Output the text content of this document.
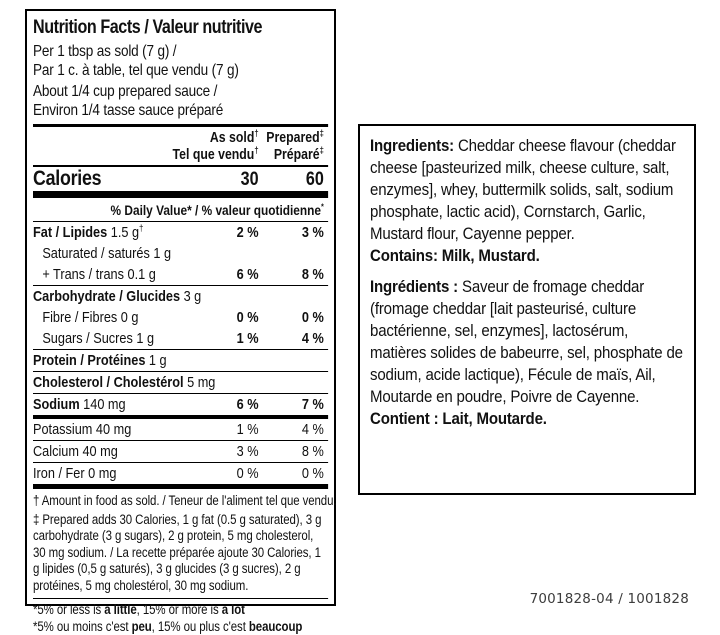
Nutrition Facts / Valeur nutritive
Per 1 tbsp as sold (7 g) /
Par 1 c. à table, tel que vendu (7 g)
About 1/4 cup prepared sauce /
Environ 1/4 tasse sauce préparé
As sold† Prepared‡
Tel que vendu†	Préparé‡
Calories	30	60
% Daily Value* / % valeur quotidienne*
Fat / Lipides 1.5 g†	2 %	3 %
Saturated / saturés 1 g
+ Trans / trans 0.1 g	6 %	8 %
Carbohydrate / Glucides 3 g
Fibre / Fibres 0 g	0 %	0 %
Sugars / Sucres 1 g	1 %	4 %
Protein / Protéines 1 g
Cholesterol / Cholestérol 5 mg
Sodium 140 mg	6 %	7 %
Potassium 40 mg	1 %	4 %
Calcium 40 mg	3 %	8 %
Iron / Fer 0 mg	0 %	0 %
† Amount in food as sold. / Teneur de l'aliment tel que vendu.
‡ Prepared adds 30 Calories, 1 g fat (0.5 g saturated), 3 g carbohydrate (3 g sugars), 2 g protein, 5 mg cholesterol, 30 mg sodium. / La recette préparée ajoute 30 Calories, 1 g lipides (0,5 g saturés), 3 g glucides (3 g sucres), 2 g protéines, 5 mg cholestérol, 30 mg sodium.
*5% or less is a little, 15% or more is a lot
*5% ou moins c'est peu, 15% ou plus c'est beaucoup
Ingredients: Cheddar cheese flavour (cheddar cheese [pasteurized milk, cheese culture, salt, enzymes], whey, buttermilk solids, salt, sodium phosphate, lactic acid), Cornstarch, Garlic, Mustard flour, Cayenne pepper.
Contains: Milk, Mustard.
Ingrédients : Saveur de fromage cheddar (fromage cheddar [lait pasteurisé, culture bactérienne, sel, enzymes], lactosérum, matières solides de babeurre, sel, phosphate de sodium, acide lactique), Fécule de maïs, Ail, Moutarde en poudre, Poivre de Cayenne.
Contient : Lait, Moutarde.
7001828-04 / 1001828
